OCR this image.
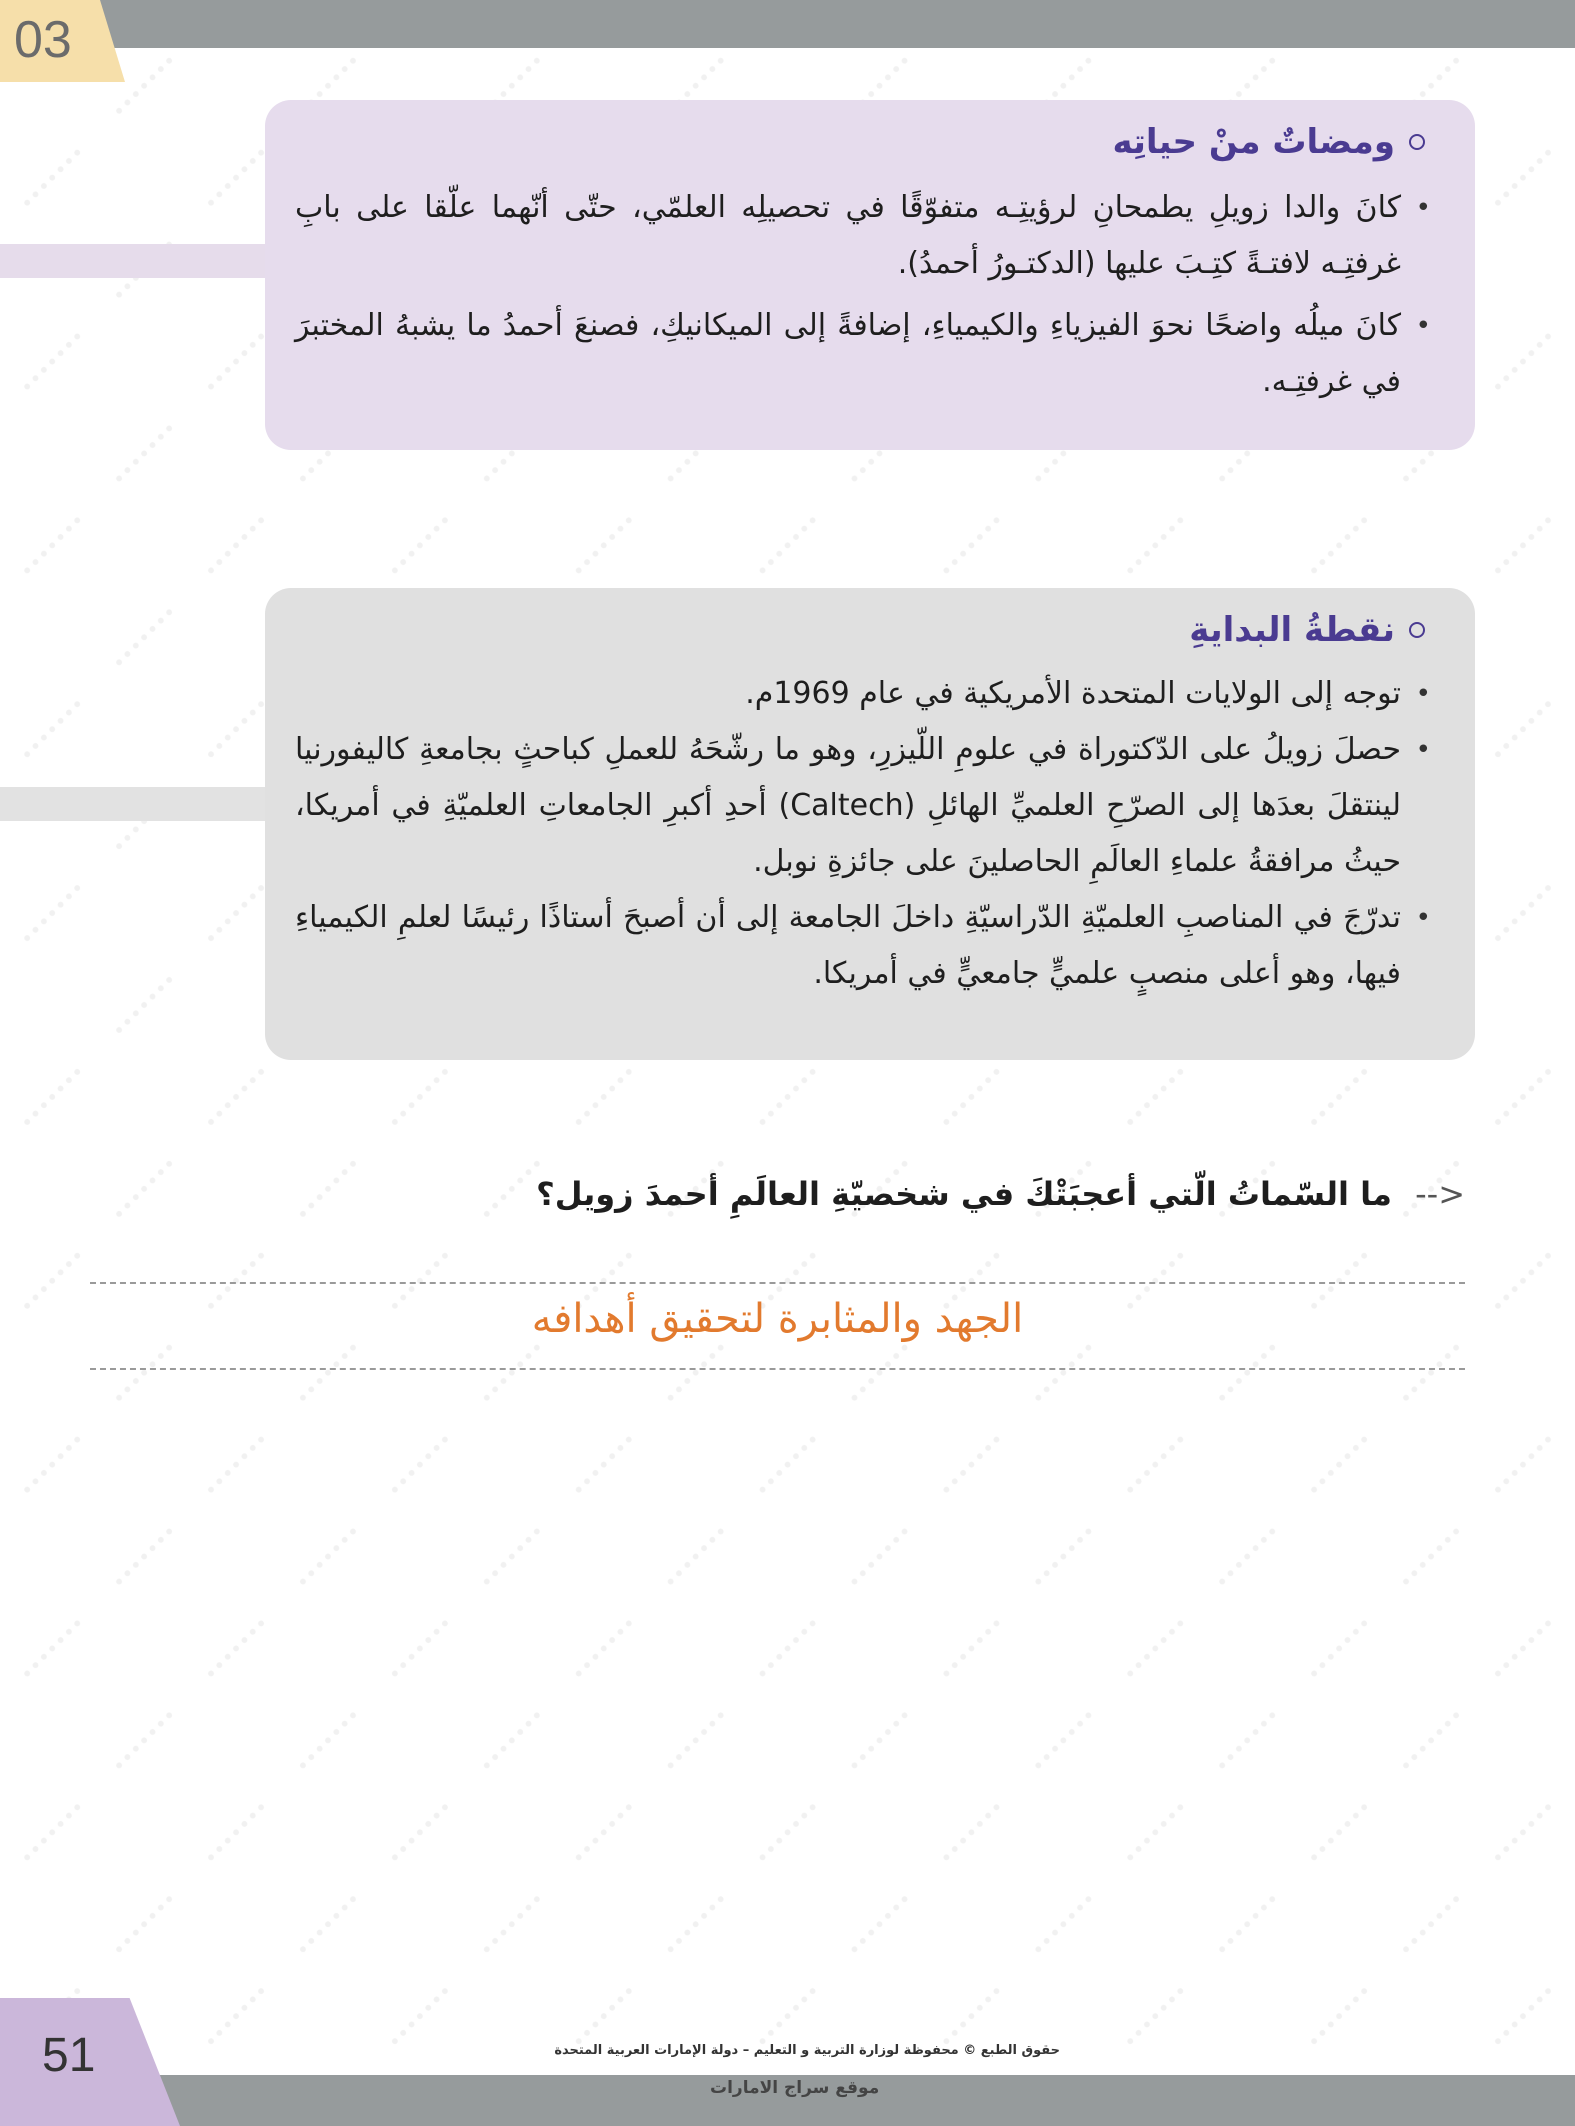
03
ومضاتٌ منْ حياتِه
• كانَ والدا زويلِ يطمحانِ لرؤيتِـه متفوّقًا في تحصيلِه العلمّي، حتّى أنّهما علّقا على بابِ غرفتِـه لافتـةً كتِـبَ عليها (الدكتـورُ أحمدُ).
• كانَ ميلُه واضحًا نحوَ الفيزياءِ والكيمياءِ، إضافةً إلى الميكانيكِ، فصنعَ أحمدُ ما يشبهُ المختبرَ في غرفتِـه.
نقطةُ البدايةِ
• توجه إلى الولايات المتحدة الأمريكية في عام 1969م.
• حصلَ زويلُ على الدّكتوراة في علومِ اللّيزرِ، وهو ما رشّحَهُ للعملِ كباحثٍ بجامعةِ كاليفورنيا لينتقلَ بعدَها إلى الصرّحِ العلميِّ الهائلِ (Caltech) أحدِ أكبرِ الجامعاتِ العلميّةِ في أمريكا، حيثُ مرافقةُ علماءِ العالَمِ الحاصلينَ على جائزةِ نوبل.
• تدرّجَ في المناصبِ العلميّةِ الدّراسيّةِ داخلَ الجامعة إلى أن أصبحَ أستاذًا رئيسًا لعلمِ الكيمياءِ فيها، وهو أعلى منصبٍ علميٍّ جامعيٍّ في أمريكا.
<-- ما السّماتُ الّتي أعجبَتْكَ في شخصيّةِ العالَمِ أحمدَ زويل؟
الجهد والمثابرة لتحقيق أهدافه
51	حقوق الطبع © محفوظة لوزارة التربية و التعليم – دولة الإمارات العربية المتحدة
موقع سراج الامارات
